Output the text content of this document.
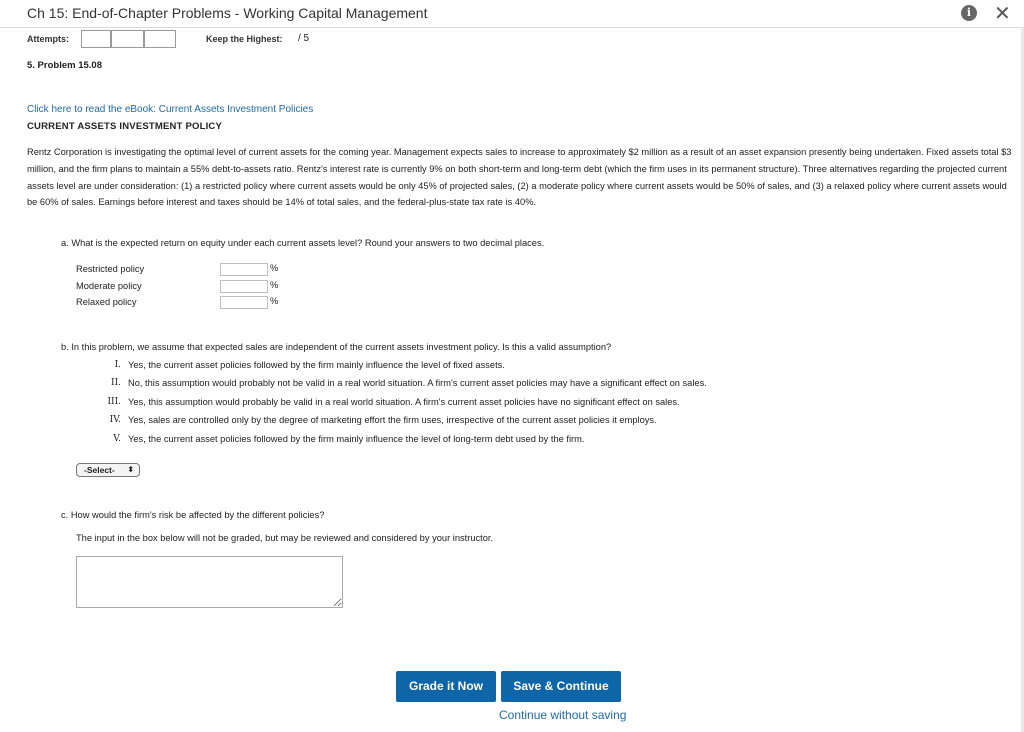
Ch 15: End-of-Chapter Problems - Working Capital Management	i ✕
Attempts:	Keep the Highest: / 5
5. Problem 15.08
Click here to read the eBook: Current Assets Investment Policies
CURRENT ASSETS INVESTMENT POLICY
Rentz Corporation is investigating the optimal level of current assets for the coming year. Management expects sales to increase to approximately $2 million as a result of an asset expansion presently being undertaken. Fixed assets total $3 million, and the firm plans to maintain a 55% debt-to-assets ratio. Rentz's interest rate is currently 9% on both short-term and long-term debt (which the firm uses in its permanent structure). Three alternatives regarding the projected current assets level are under consideration: (1) a restricted policy where current assets would be only 45% of projected sales, (2) a moderate policy where current assets would be 50% of sales, and (3) a relaxed policy where current assets would be 60% of sales. Earnings before interest and taxes should be 14% of total sales, and the federal-plus-state tax rate is 40%.
a. What is the expected return on equity under each current assets level? Round your answers to two decimal places.
Restricted policy	%
Moderate policy	%
Relaxed policy	%
b. In this problem, we assume that expected sales are independent of the current assets investment policy. Is this a valid assumption?
I. Yes, the current asset policies followed by the firm mainly influence the level of fixed assets.
II. No, this assumption would probably not be valid in a real world situation. A firm's current asset policies may have a significant effect on sales.
III. Yes, this assumption would probably be valid in a real world situation. A firm's current asset policies have no significant effect on sales.
IV. Yes, sales are controlled only by the degree of marketing effort the firm uses, irrespective of the current asset policies it employs.
V. Yes, the current asset policies followed by the firm mainly influence the level of long-term debt used by the firm.
-Select- ⬍
c. How would the firm's risk be affected by the different policies?
The input in the box below will not be graded, but may be reviewed and considered by your instructor.
Grade it Now	Save & Continue
Continue without saving
